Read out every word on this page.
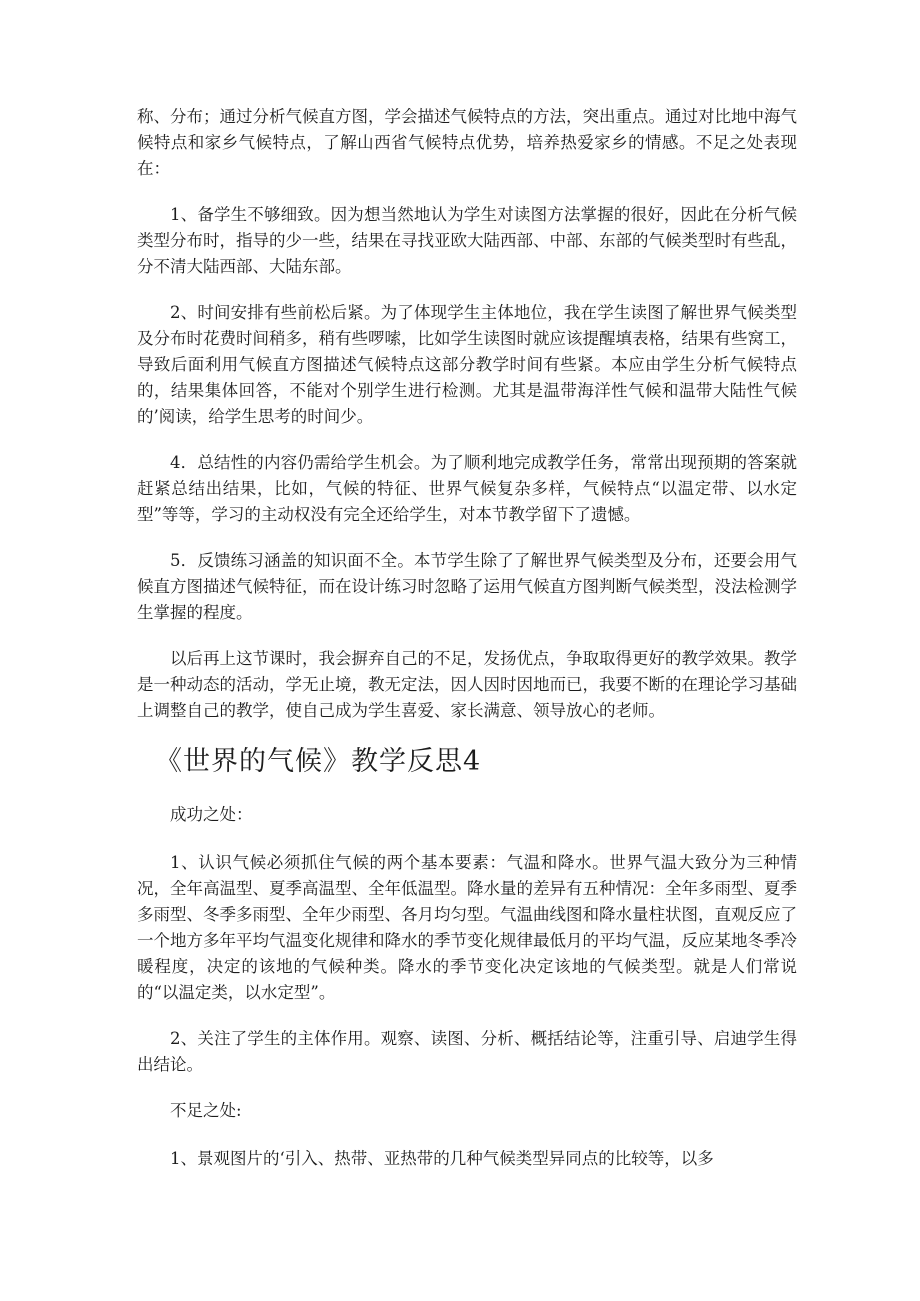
称、分布；通过分析气候直方图，学会描述气候特点的方法，突出重点。通过对比地中海气候特点和家乡气候特点，了解山西省气候特点优势，培养热爱家乡的情感。不足之处表现在：

1、备学生不够细致。因为想当然地认为学生对读图方法掌握的很好，因此在分析气候类型分布时，指导的少一些，结果在寻找亚欧大陆西部、中部、东部的气候类型时有些乱，分不清大陆西部、大陆东部。

2、时间安排有些前松后紧。为了体现学生主体地位，我在学生读图了解世界气候类型及分布时花费时间稍多，稍有些啰嗦，比如学生读图时就应该提醒填表格，结果有些窝工，导致后面利用气候直方图描述气候特点这部分教学时间有些紧。本应由学生分析气候特点的，结果集体回答，不能对个别学生进行检测。尤其是温带海洋性气候和温带大陆性气候的’阅读，给学生思考的时间少。

4．总结性的内容仍需给学生机会。为了顺利地完成教学任务，常常出现预期的答案就赶紧总结出结果，比如，气候的特征、世界气候复杂多样，气候特点“以温定带、以水定型”等等，学习的主动权没有完全还给学生，对本节教学留下了遗憾。

5．反馈练习涵盖的知识面不全。本节学生除了了解世界气候类型及分布，还要会用气候直方图描述气候特征，而在设计练习时忽略了运用气候直方图判断气候类型，没法检测学生掌握的程度。

以后再上这节课时，我会摒弃自己的不足，发扬优点，争取取得更好的教学效果。教学是一种动态的活动，学无止境，教无定法，因人因时因地而已，我要不断的在理论学习基础上调整自己的教学，使自己成为学生喜爱、家长满意、领导放心的老师。

《世界的气候》教学反思4

成功之处：

1、认识气候必须抓住气候的两个基本要素：气温和降水。世界气温大致分为三种情况，全年高温型、夏季高温型、全年低温型。降水量的差异有五种情况：全年多雨型、夏季多雨型、冬季多雨型、全年少雨型、各月均匀型。气温曲线图和降水量柱状图，直观反应了一个地方多年平均气温变化规律和降水的季节变化规律最低月的平均气温，反应某地冬季冷暖程度，决定的该地的气候种类。降水的季节变化决定该地的气候类型。就是人们常说的“以温定类，以水定型”。

2、关注了学生的主体作用。观察、读图、分析、概括结论等，注重引导、启迪学生得出结论。

不足之处:

1、景观图片的‘引入、热带、亚热带的几种气候类型异同点的比较等，以多
